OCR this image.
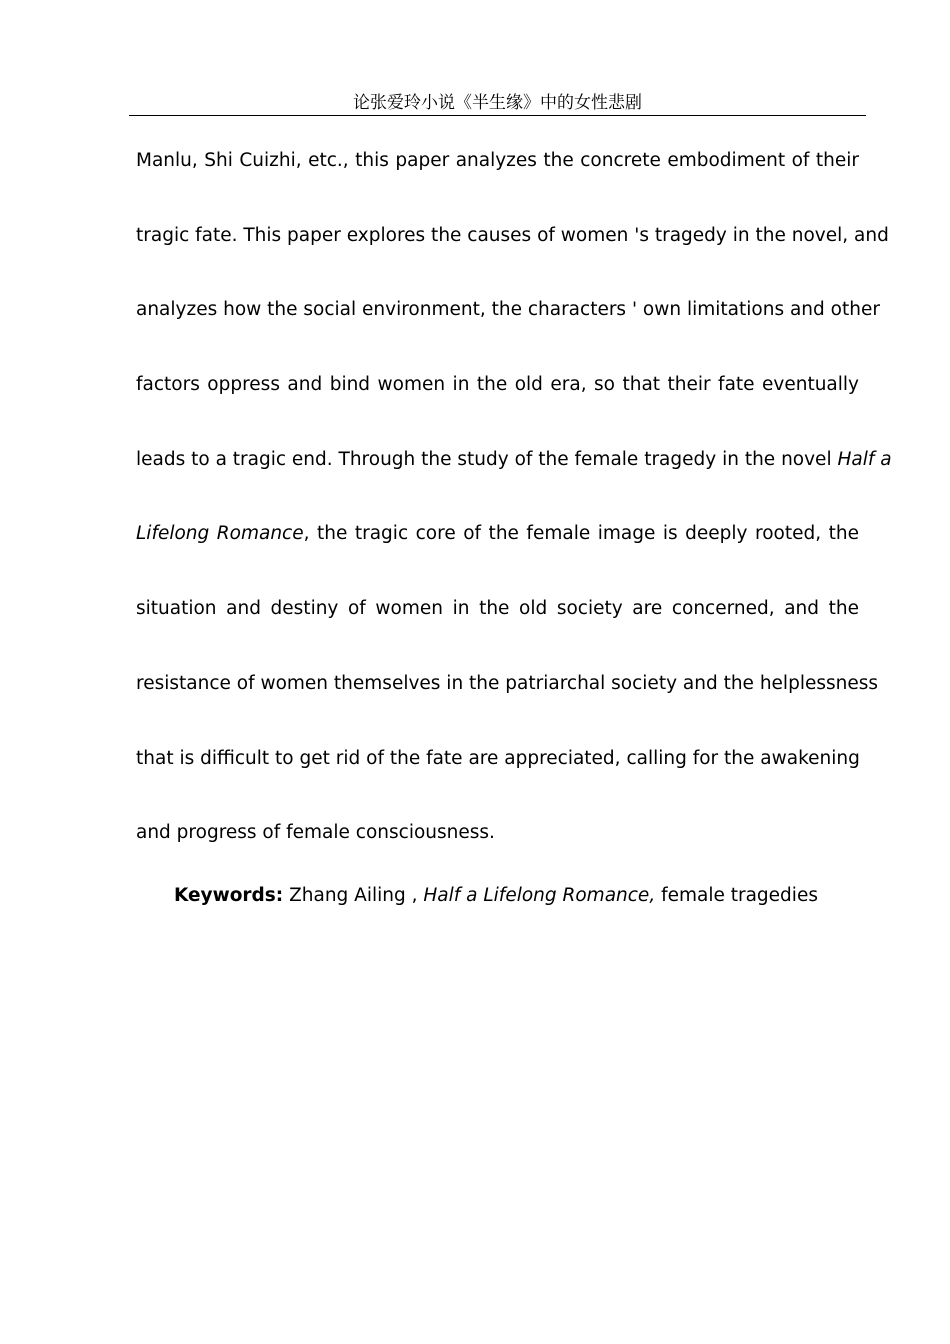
论张爱玲小说《半生缘》中的女性悲剧
Manlu, Shi Cuizhi, etc., this paper analyzes the concrete embodiment of their
tragic fate. This paper explores the causes of women 's tragedy in the novel, and
analyzes how the social environment, the characters ' own limitations and other
factors oppress and bind women in the old era, so that their fate eventually
leads to a tragic end. Through the study of the female tragedy in the novel Half a
Lifelong Romance, the tragic core of the female image is deeply rooted, the
situation and destiny of women in the old society are concerned, and the
resistance of women themselves in the patriarchal society and the helplessness
that is difficult to get rid of the fate are appreciated, calling for the awakening
and progress of female consciousness.

Keywords: Zhang Ailing , Half a Lifelong Romance, female tragedies
